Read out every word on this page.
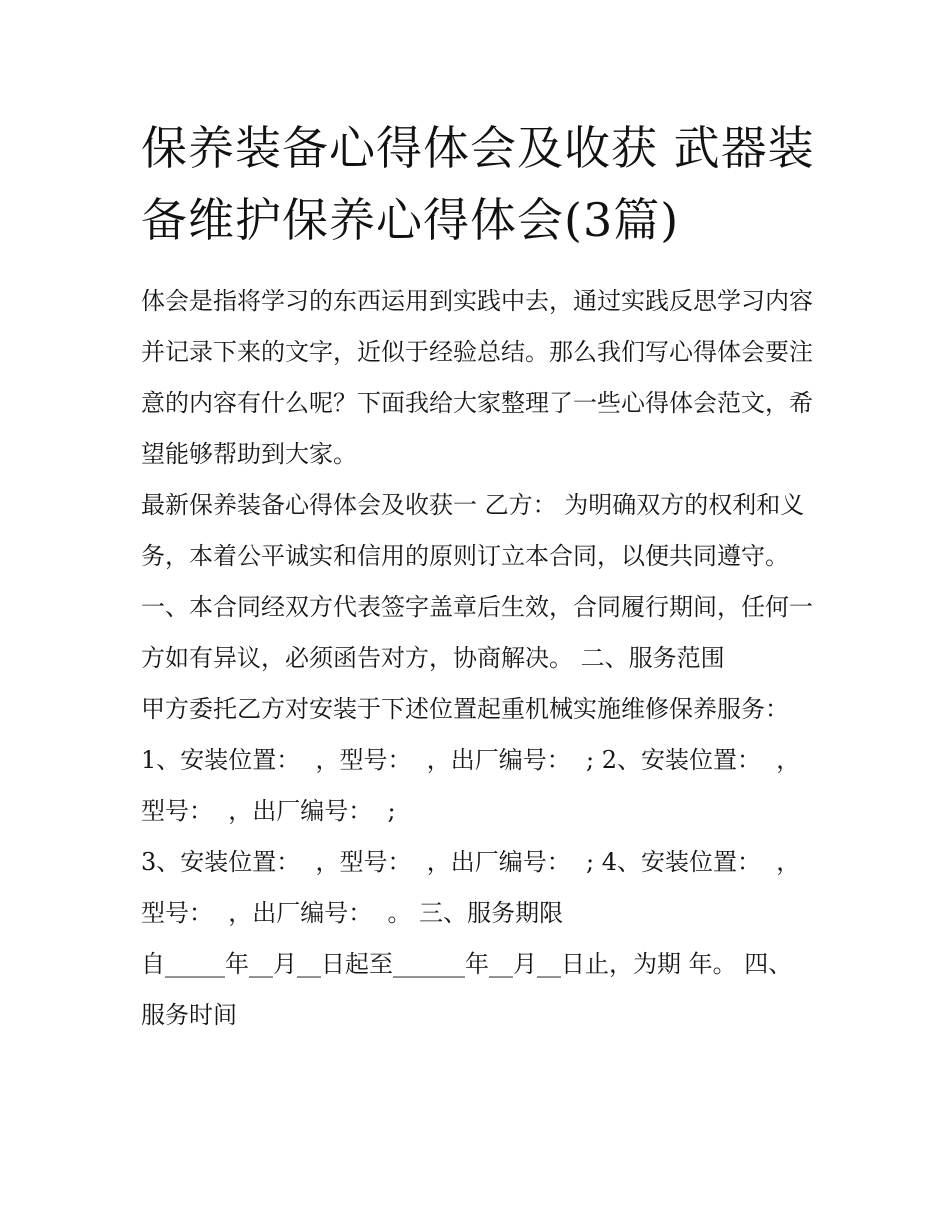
保养装备心得体会及收获 武器装备维护保养心得体会(3篇)

体会是指将学习的东西运用到实践中去，通过实践反思学习内容并记录下来的文字，近似于经验总结。那么我们写心得体会要注意的内容有什么呢？下面我给大家整理了一些心得体会范文，希望能够帮助到大家。

最新保养装备心得体会及收获一 乙方： 为明确双方的权利和义务，本着公平诚实和信用的原则订立本合同，以便共同遵守。

一、本合同经双方代表签字盖章后生效，合同履行期间，任何一方如有异议，必须函告对方，协商解决。 二、服务范围

甲方委托乙方对安装于下述位置起重机械实施维修保养服务：

1、安装位置：  ，型号：  ，出厂编号：  ; 2、安装位置：  ，型号：  ，出厂编号：  ;

3、安装位置：  ，型号：  ，出厂编号：  ; 4、安装位置：  ，型号：  ，出厂编号：  。 三、服务期限

自_____年__月__日起至______年__月__日止，为期 年。 四、服务时间
